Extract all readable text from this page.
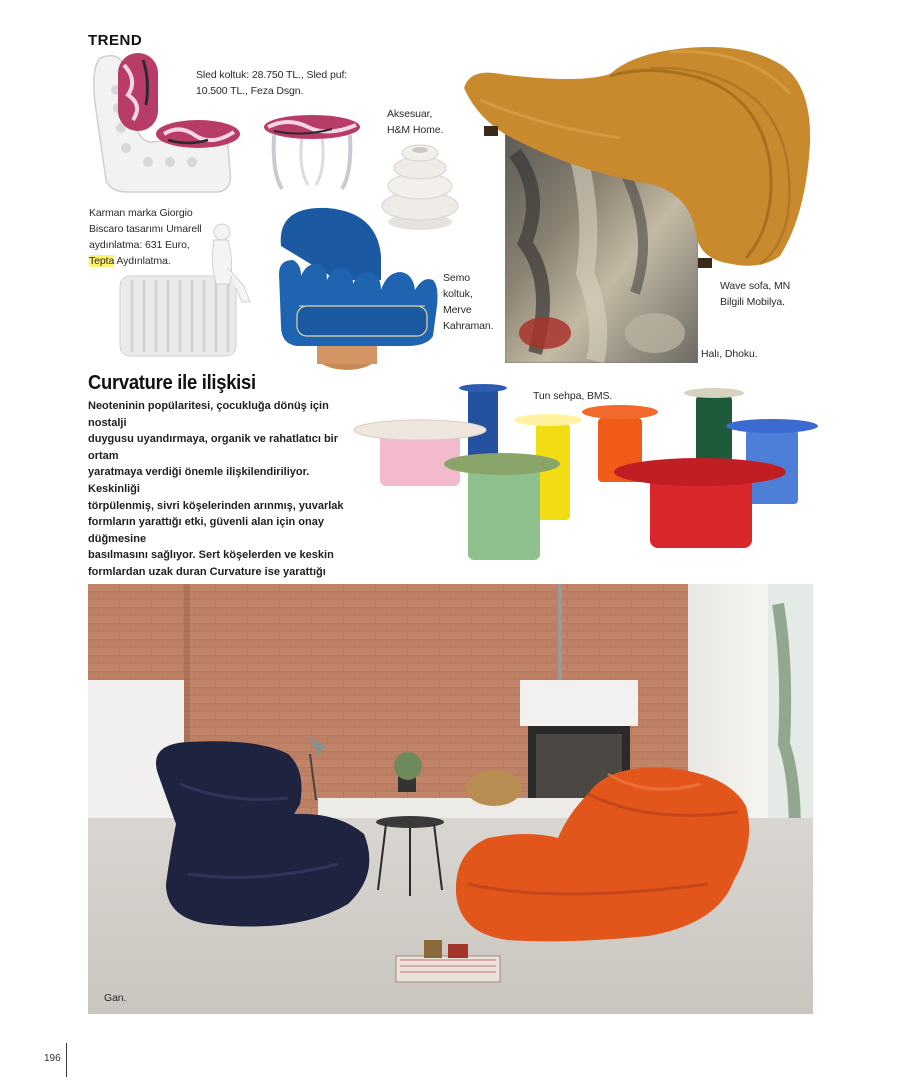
TREND
Sled koltuk: 28.750 TL., Sled puf:
10.500 TL., Feza Dsgn.
Aksesuar,
H&M Home.
Karman marka Giorgio
Biscaro tasarımı Umarell
aydınlatma: 631 Euro,
Tepta Aydınlatma.
Semo
koltuk,
Merve
Kahraman.
Wave sofa, MN
Bilgili Mobilya.
Halı, Dhoku.
Curvature ile ilişkisi
Neoteninin popülaritesi, çocukluğa dönüş için nostalji
duygusu uyandırmaya, organik ve rahatlatıcı bir ortam
yaratmaya verdiği önemle ilişkilendiriliyor. Keskinliği
törpülenmiş, sivri köşelerinden arınmış, yuvarlak
formların yarattığı etki, güvenli alan için onay düğmesine
basılmasını sağlıyor. Sert köşelerden ve keskin
formlardan uzak duran Curvature ise yarattığı
Tun sehpa, BMS.
Gan.
196
